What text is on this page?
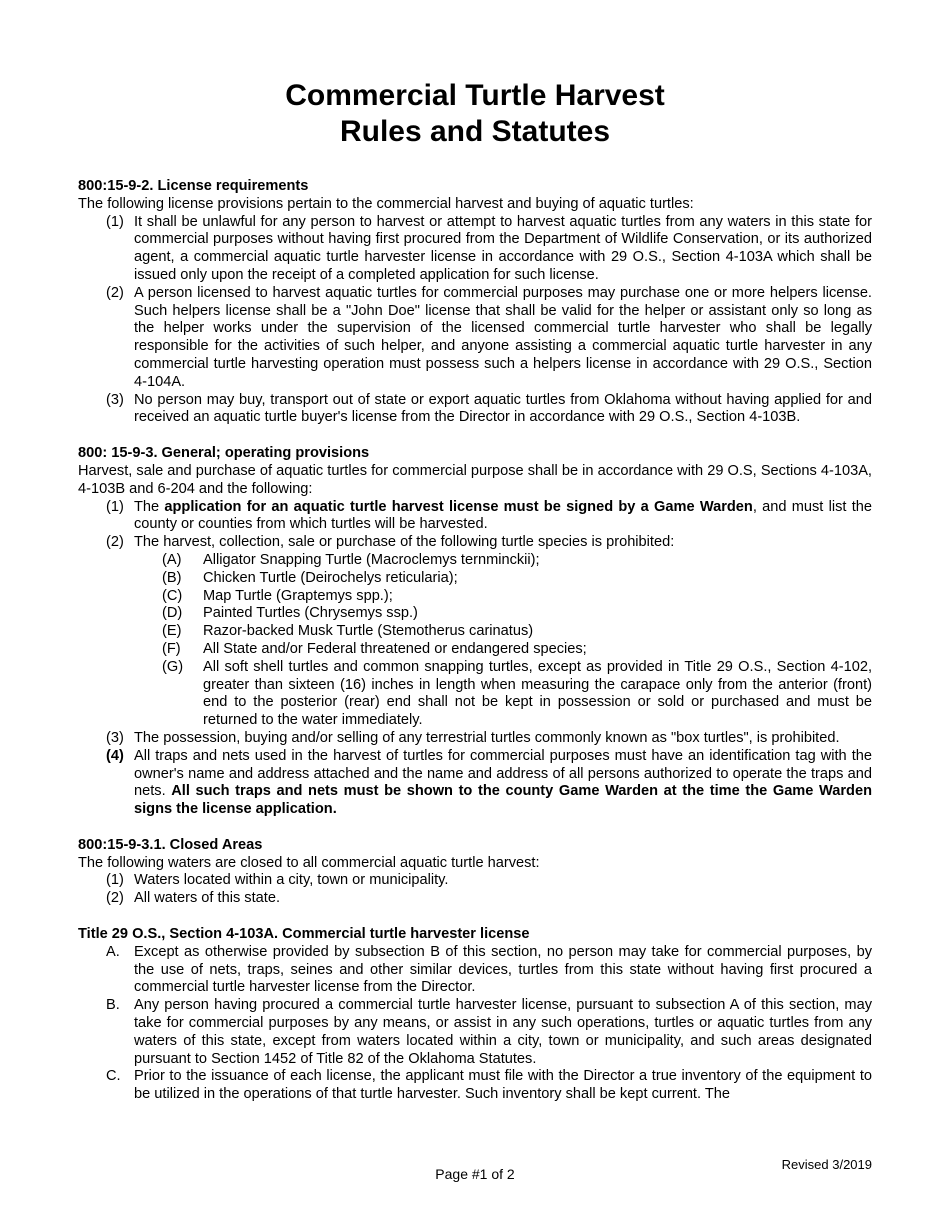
Commercial Turtle Harvest
Rules and Statutes
800:15-9-2. License requirements
The following license provisions pertain to the commercial harvest and buying of aquatic turtles:
(1) It shall be unlawful for any person to harvest or attempt to harvest aquatic turtles from any waters in this state for commercial purposes without having first procured from the Department of Wildlife Conservation, or its authorized agent, a commercial aquatic turtle harvester license in accordance with 29 O.S., Section 4-103A which shall be issued only upon the receipt of a completed application for such license.
(2) A person licensed to harvest aquatic turtles for commercial purposes may purchase one or more helpers license. Such helpers license shall be a "John Doe" license that shall be valid for the helper or assistant only so long as the helper works under the supervision of the licensed commercial turtle harvester who shall be legally responsible for the activities of such helper, and anyone assisting a commercial aquatic turtle harvester in any commercial turtle harvesting operation must possess such a helpers license in accordance with 29 O.S., Section 4-104A.
(3) No person may buy, transport out of state or export aquatic turtles from Oklahoma without having applied for and received an aquatic turtle buyer's license from the Director in accordance with 29 O.S., Section 4-103B.
800: 15-9-3. General; operating provisions
Harvest, sale and purchase of aquatic turtles for commercial purpose shall be in accordance with 29 O.S, Sections 4-103A, 4-103B and 6-204 and the following:
(1) The application for an aquatic turtle harvest license must be signed by a Game Warden, and must list the county or counties from which turtles will be harvested.
(2) The harvest, collection, sale or purchase of the following turtle species is prohibited:
(A) Alligator Snapping Turtle (Macroclemys ternminckii);
(B) Chicken Turtle (Deirochelys reticularia);
(C) Map Turtle (Graptemys spp.);
(D) Painted Turtles (Chrysemys ssp.)
(E) Razor-backed Musk Turtle (Stemotherus carinatus)
(F) All State and/or Federal threatened or endangered species;
(G) All soft shell turtles and common snapping turtles, except as provided in Title 29 O.S., Section 4-102, greater than sixteen (16) inches in length when measuring the carapace only from the anterior (front) end to the posterior (rear) end shall not be kept in possession or sold or purchased and must be returned to the water immediately.
(3) The possession, buying and/or selling of any terrestrial turtles commonly known as "box turtles", is prohibited.
(4) All traps and nets used in the harvest of turtles for commercial purposes must have an identification tag with the owner's name and address attached and the name and address of all persons authorized to operate the traps and nets. All such traps and nets must be shown to the county Game Warden at the time the Game Warden signs the license application.
800:15-9-3.1. Closed Areas
The following waters are closed to all commercial aquatic turtle harvest:
(1) Waters located within a city, town or municipality.
(2) All waters of this state.
Title 29 O.S., Section 4-103A. Commercial turtle harvester license
A. Except as otherwise provided by subsection B of this section, no person may take for commercial purposes, by the use of nets, traps, seines and other similar devices, turtles from this state without having first procured a commercial turtle harvester license from the Director.
B. Any person having procured a commercial turtle harvester license, pursuant to subsection A of this section, may take for commercial purposes by any means, or assist in any such operations, turtles or aquatic turtles from any waters of this state, except from waters located within a city, town or municipality, and such areas designated pursuant to Section 1452 of Title 82 of the Oklahoma Statutes.
C. Prior to the issuance of each license, the applicant must file with the Director a true inventory of the equipment to be utilized in the operations of that turtle harvester. Such inventory shall be kept current. The
Revised 3/2019
Page #1 of 2
